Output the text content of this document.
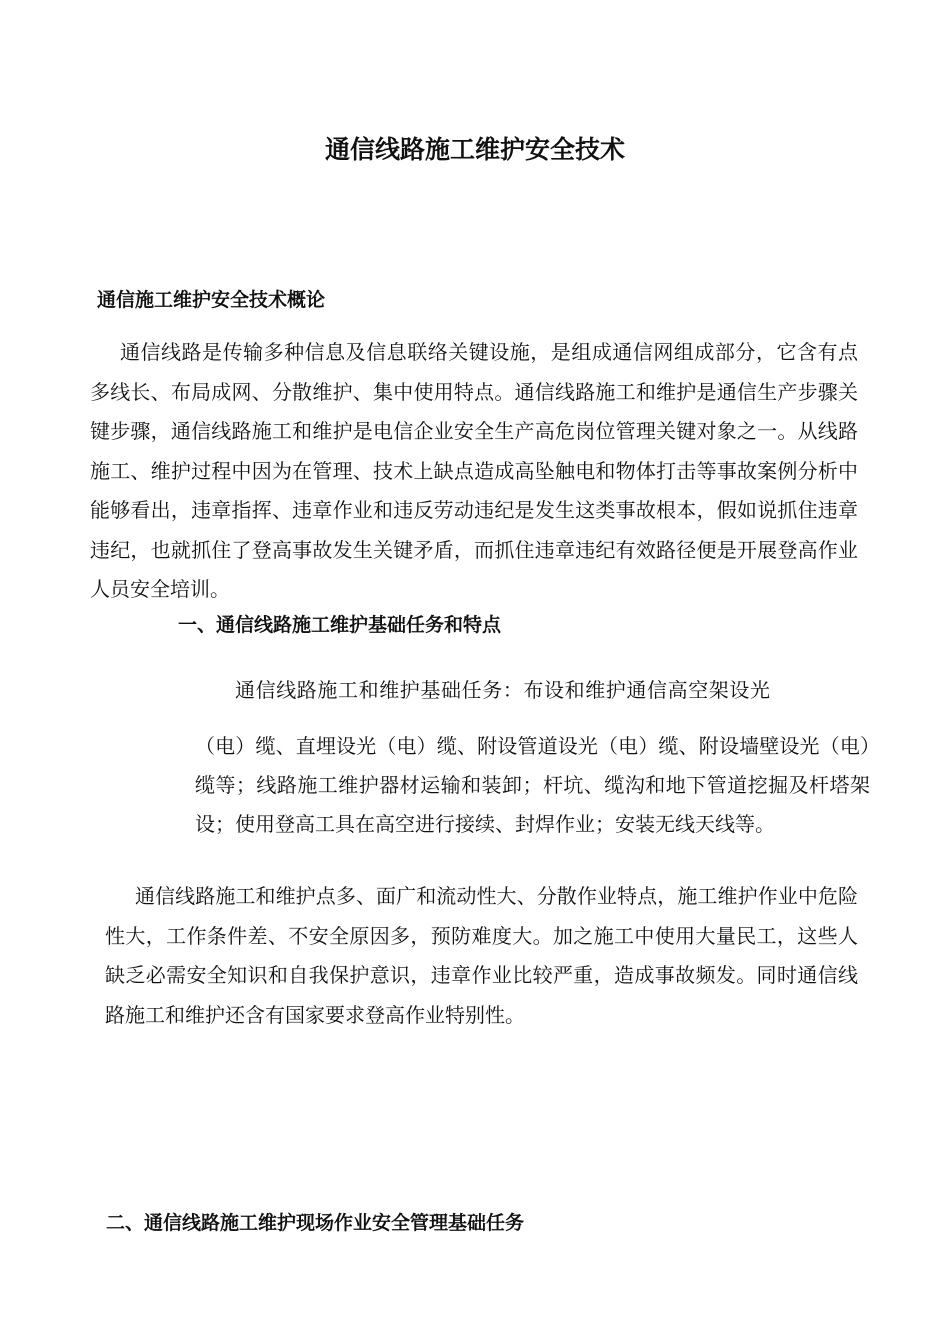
通信线路施工维护安全技术
通信施工维护安全技术概论

通信线路是传输多种信息及信息联络关键设施，是组成通信网组成部分，它含有点多线长、布局成网、分散维护、集中使用特点。通信线路施工和维护是通信生产步骤关键步骤，通信线路施工和维护是电信企业安全生产高危岗位管理关键对象之一。从线路施工、维护过程中因为在管理、技术上缺点造成高坠触电和物体打击等事故案例分析中能够看出，违章指挥、违章作业和违反劳动违纪是发生这类事故根本，假如说抓住违章违纪，也就抓住了登高事故发生关键矛盾，而抓住违章违纪有效路径便是开展登高作业人员安全培训。

一、通信线路施工维护基础任务和特点

通信线路施工和维护基础任务：布设和维护通信高空架设光

（电）缆、直埋设光（电）缆、附设管道设光（电）缆、附设墙壁设光（电）缆等；线路施工维护器材运输和装卸；杆坑、缆沟和地下管道挖掘及杆塔架设；使用登高工具在高空进行接续、封焊作业；安装无线天线等。

通信线路施工和维护点多、面广和流动性大、分散作业特点，施工维护作业中危险性大，工作条件差、不安全原因多，预防难度大。加之施工中使用大量民工，这些人缺乏必需安全知识和自我保护意识，违章作业比较严重，造成事故频发。同时通信线路施工和维护还含有国家要求登高作业特别性。

二、通信线路施工维护现场作业安全管理基础任务
